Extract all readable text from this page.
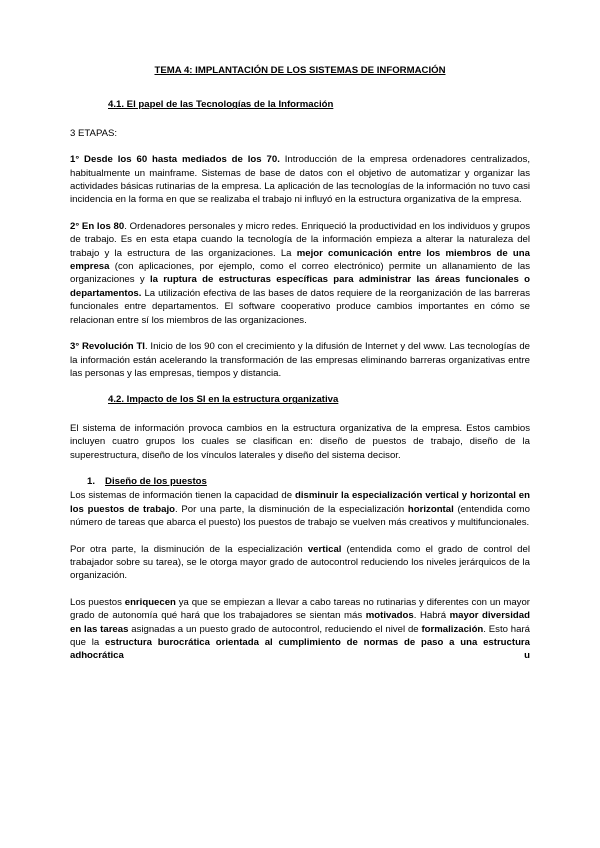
TEMA 4: IMPLANTACIÓN DE LOS SISTEMAS DE INFORMACIÓN
4.1. El papel de las Tecnologías de la Información

3 ETAPAS:

1° Desde los 60 hasta mediados de los 70. Introducción de la empresa ordenadores centralizados, habitualmente un mainframe. Sistemas de base de datos con el objetivo de automatizar y organizar las actividades básicas rutinarias de la empresa. La aplicación de las tecnologías de la información no tuvo casi incidencia en la forma en que se realizaba el trabajo ni influyó en la estructura organizativa de la empresa.

2° En los 80. Ordenadores personales y micro redes. Enriqueció la productividad en los individuos y grupos de trabajo. Es en esta etapa cuando la tecnología de la información empieza a alterar la naturaleza del trabajo y la estructura de las organizaciones. La mejor comunicación entre los miembros de una empresa (con aplicaciones, por ejemplo, como el correo electrónico) permite un allanamiento de las organizaciones y la ruptura de estructuras específicas para administrar las áreas funcionales o departamentos. La utilización efectiva de las bases de datos requiere de la reorganización de las barreras funcionales entre departamentos. El software cooperativo produce cambios importantes en cómo se relacionan entre sí los miembros de las organizaciones.

3° Revolución TI. Inicio de los 90 con el crecimiento y la difusión de Internet y del www. Las tecnologías de la información están acelerando la transformación de las empresas eliminando barreras organizativas entre las personas y las empresas, tiempos y distancia.

4.2. Impacto de los SI en la estructura organizativa

El sistema de información provoca cambios en la estructura organizativa de la empresa. Estos cambios incluyen cuatro grupos los cuales se clasifican en: diseño de puestos de trabajo, diseño de la superestructura, diseño de los vínculos laterales y diseño del sistema decisor.

1. Diseño de los puestos

Los sistemas de información tienen la capacidad de disminuir la especialización vertical y horizontal en los puestos de trabajo. Por una parte, la disminución de la especialización horizontal (entendida como número de tareas que abarca el puesto) los puestos de trabajo se vuelven más creativos y multifuncionales.

Por otra parte, la disminución de la especialización vertical (entendida como el grado de control del trabajador sobre su tarea), se le otorga mayor grado de autocontrol reduciendo los niveles jerárquicos de la organización.

Los puestos enriquecen ya que se empiezan a llevar a cabo tareas no rutinarias y diferentes con un mayor grado de autonomía qué hará que los trabajadores se sientan más motivados. Habrá mayor diversidad en las tareas asignadas a un puesto grado de autocontrol, reduciendo el nivel de formalización. Esto hará que la estructura burocrática orientada al cumplimiento de normas de paso a una estructura adhocrática u
